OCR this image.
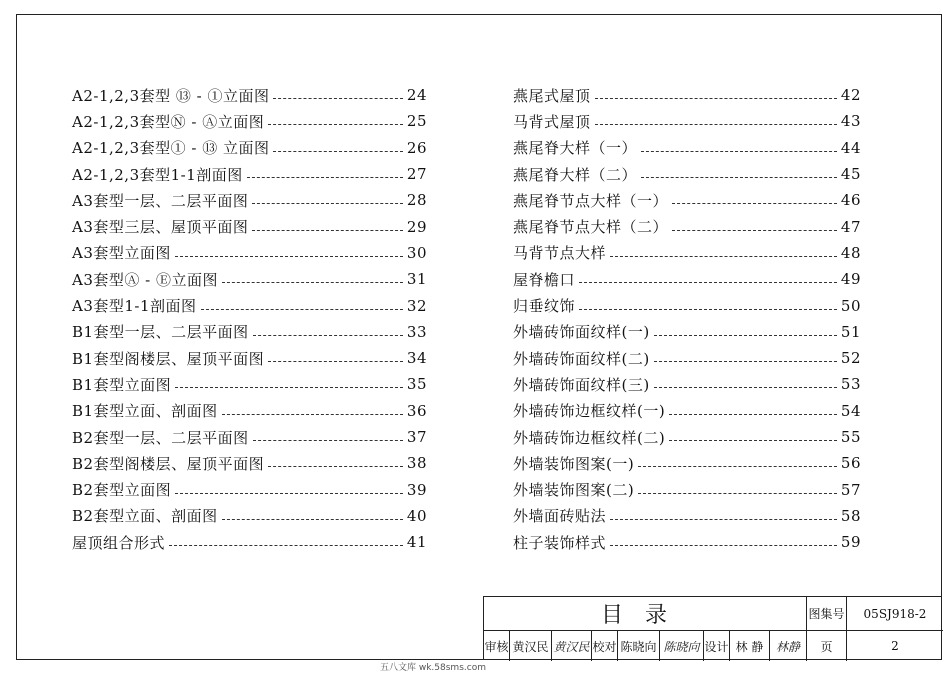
A2-1,2,3套型 ⑬ - ①立面图	24
A2-1,2,3套型Ⓝ - Ⓐ立面图	25
A2-1,2,3套型① - ⑬ 立面图	26
A2-1,2,3套型1-1剖面图	27
A3套型一层、二层平面图	28
A3套型三层、屋顶平面图	29
A3套型立面图	30
A3套型Ⓐ - Ⓔ立面图	31
A3套型1-1剖面图	32
B1套型一层、二层平面图	33
B1套型阁楼层、屋顶平面图	34
B1套型立面图	35
B1套型立面、剖面图	36
B2套型一层、二层平面图	37
B2套型阁楼层、屋顶平面图	38
B2套型立面图	39
B2套型立面、剖面图	40
屋顶组合形式	41
燕尾式屋顶	42
马背式屋顶	43
燕尾脊大样（一）	44
燕尾脊大样（二）	45
燕尾脊节点大样（一）	46
燕尾脊节点大样（二）	47
马背节点大样	48
屋脊檐口	49
归垂纹饰	50
外墙砖饰面纹样(一)	51
外墙砖饰面纹样(二)	52
外墙砖饰面纹样(三)	53
外墙砖饰边框纹样(一)	54
外墙砖饰边框纹样(二)	55
外墙装饰图案(一)	56
外墙装饰图案(二)	57
外墙面砖贴法	58
柱子装饰样式	59
目录	图集号	05SJ918-2
审核 黄汉民 黄汉民 校对 陈晓向 陈晓向 设计 林 静	林静	页	2
五八文库 wk.58sms.com
